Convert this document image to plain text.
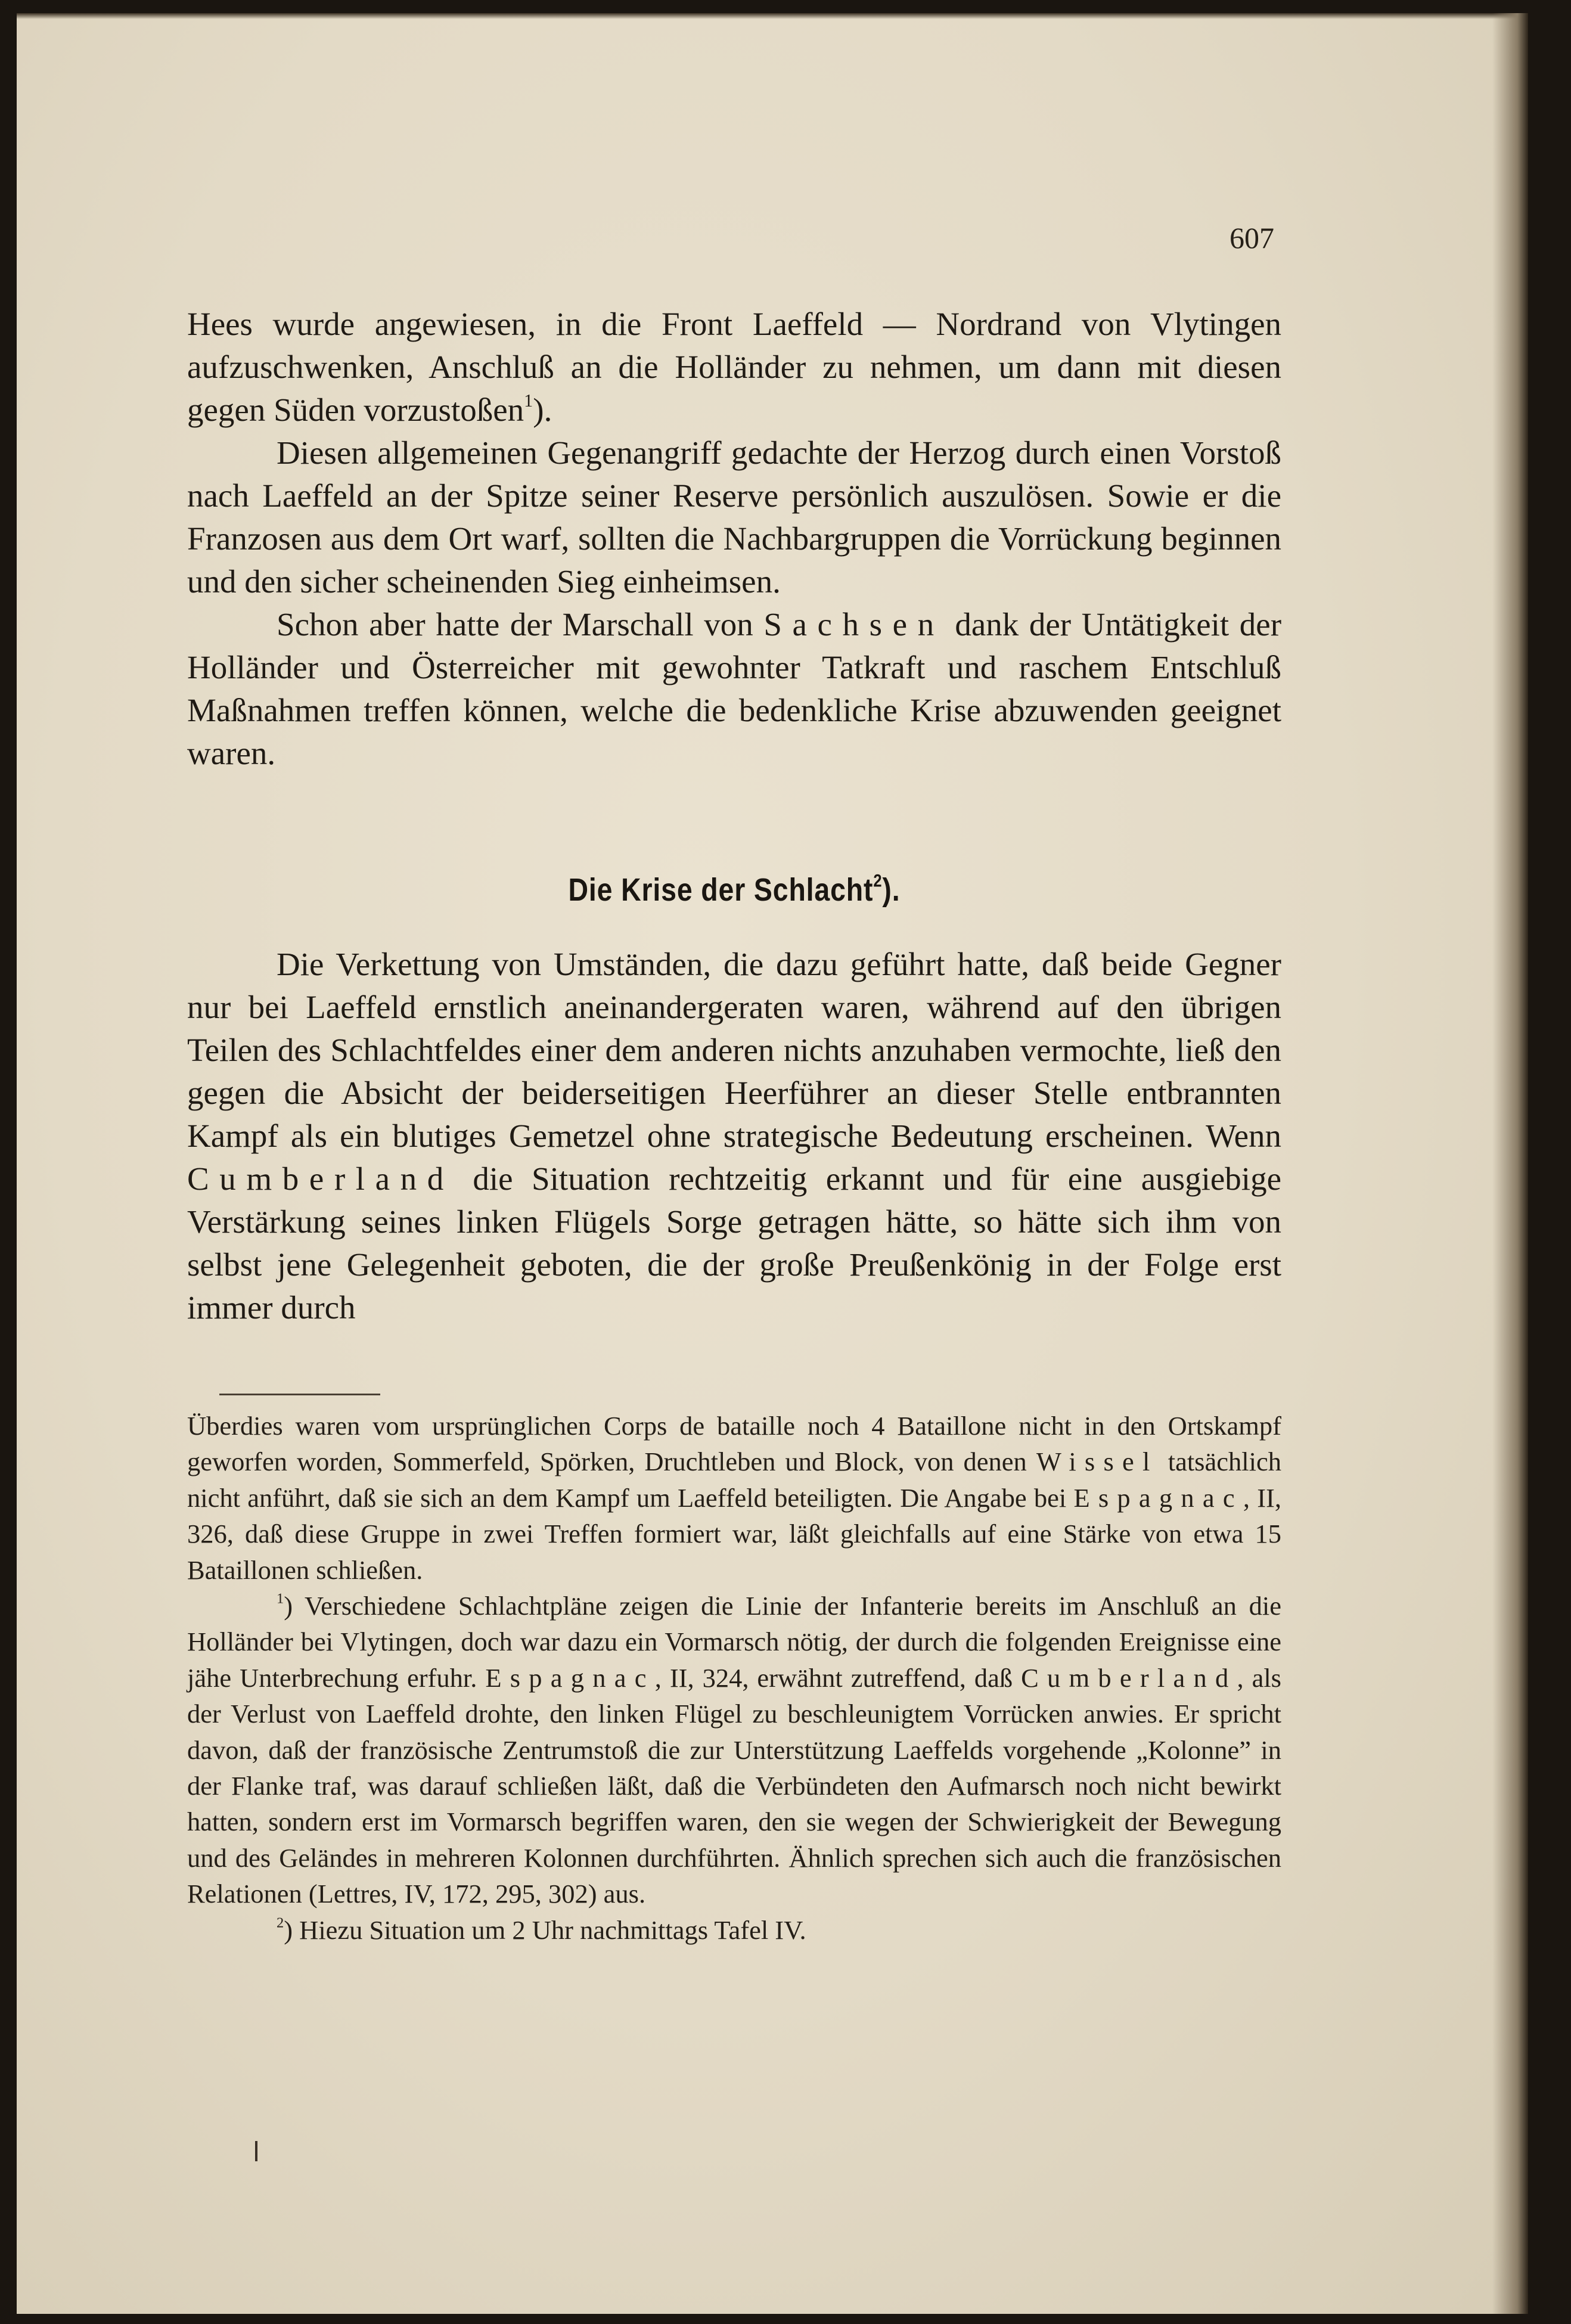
607

Hees wurde angewiesen, in die Front Laeffeld — Nordrand von Vlytingen aufzuschwenken, Anschluß an die Holländer zu nehmen, um dann mit diesen gegen Süden vorzustoßen$^1$).

Diesen allgemeinen Gegenangriff gedachte der Herzog durch einen Vorstoß nach Laeffeld an der Spitze seiner Reserve persönlich auszulösen. Sowie er die Franzosen aus dem Ort warf, sollten die Nachbargruppen die Vorrückung beginnen und den sicher scheinenden Sieg einheimsen.

Schon aber hatte der Marschall von Sachsen dank der Untätigkeit der Holländer und Österreicher mit gewohnter Tatkraft und raschem Entschluß Maßnahmen treffen können, welche die bedenkliche Krise abzuwenden geeignet waren.

Die Krise der Schlacht$^2$).

Die Verkettung von Umständen, die dazu geführt hatte, daß beide Gegner nur bei Laeffeld ernstlich aneinandergeraten waren, während auf den übrigen Teilen des Schlachtfeldes einer dem anderen nichts anzuhaben vermochte, ließ den gegen die Absicht der beiderseitigen Heerführer an dieser Stelle entbrannten Kampf als ein blutiges Gemetzel ohne strategische Bedeutung erscheinen. Wenn Cumberland die Situation rechtzeitig erkannt und für eine ausgiebige Verstärkung seines linken Flügels Sorge getragen hätte, so hätte sich ihm von selbst jene Gelegenheit geboten, die der große Preußenkönig in der Folge erst immer durch

Überdies waren vom ursprünglichen Corps de bataille noch 4 Bataillone nicht in den Ortskampf geworfen worden, Sommerfeld, Spörken, Druchtleben und Block, von denen Wissel tatsächlich nicht anführt, daß sie sich an dem Kampf um Laeffeld beteiligten. Die Angabe bei Espagnac, II, 326, daß diese Gruppe in zwei Treffen formiert war, läßt gleichfalls auf eine Stärke von etwa 15 Bataillonen schließen.

$^1$) Verschiedene Schlachtpläne zeigen die Linie der Infanterie bereits im Anschluß an die Holländer bei Vlytingen, doch war dazu ein Vormarsch nötig, der durch die folgenden Ereignisse eine jähe Unterbrechung erfuhr. Espagnac, II, 324, erwähnt zutreffend, daß Cumberland, als der Verlust von Laeffeld drohte, den linken Flügel zu beschleunigtem Vorrücken anwies. Er spricht davon, daß der französische Zentrumstoß die zur Unterstützung Laeffelds vorgehende „Kolonne” in der Flanke traf, was darauf schließen läßt, daß die Verbündeten den Aufmarsch noch nicht bewirkt hatten, sondern erst im Vormarsch begriffen waren, den sie wegen der Schwierigkeit der Bewegung und des Geländes in mehreren Kolonnen durchführten. Ähnlich sprechen sich auch die französischen Relationen (Lettres, IV, 172, 295, 302) aus.

$^2$) Hiezu Situation um 2 Uhr nachmittags Tafel IV.
